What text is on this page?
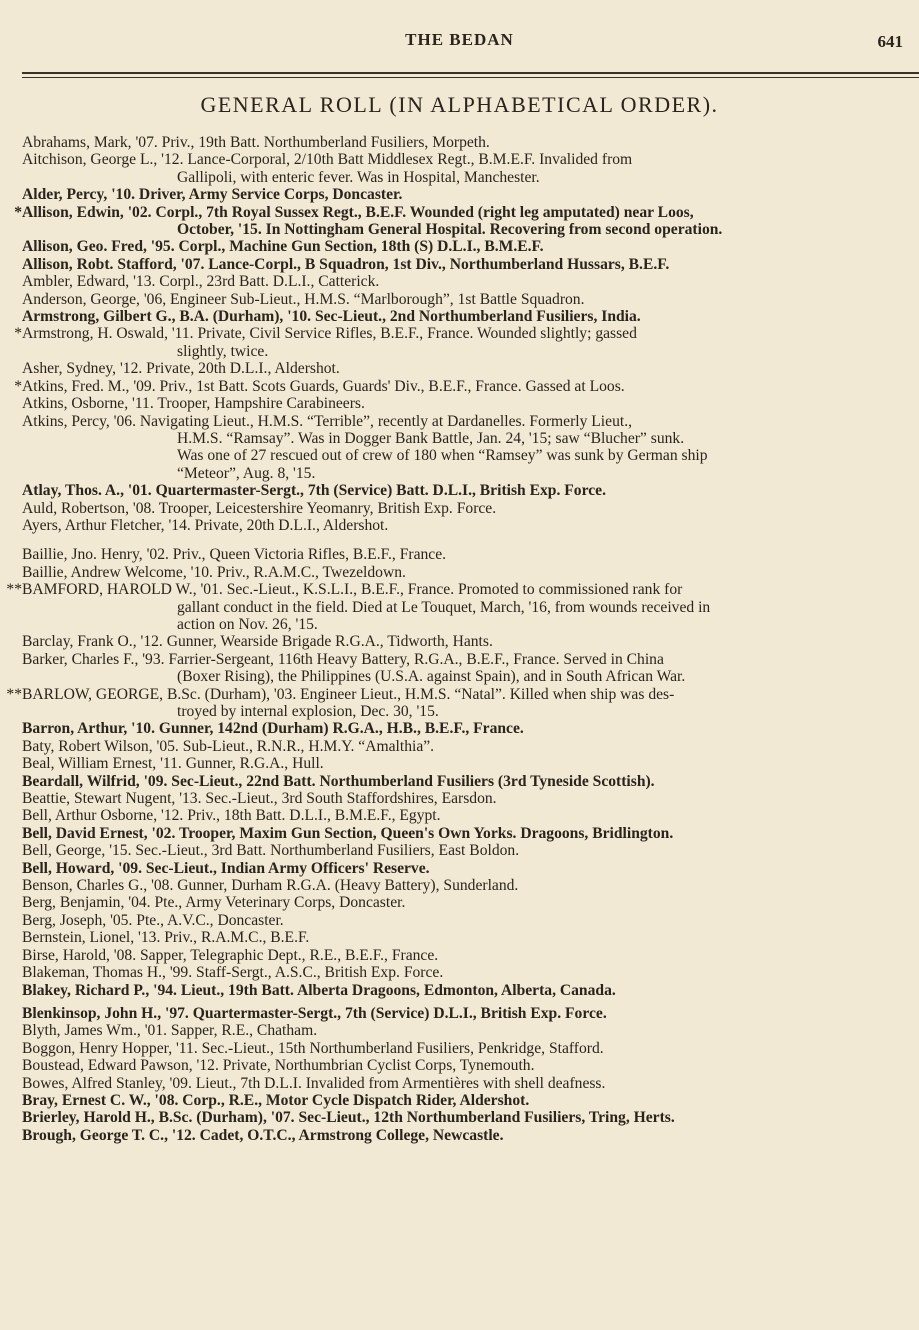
THE BEDAN	641
GENERAL ROLL (IN ALPHABETICAL ORDER).
Abrahams, Mark, '07. Priv., 19th Batt. Northumberland Fusiliers, Morpeth.
Aitchison, George L., '12. Lance-Corporal, 2/10th Batt Middlesex Regt., B.M.E.F. Invalided from
Gallipoli, with enteric fever. Was in Hospital, Manchester.
Alder, Percy, '10. Driver, Army Service Corps, Doncaster.
* Allison, Edwin, '02. Corpl., 7th Royal Sussex Regt., B.E.F. Wounded (right leg amputated) near Loos,
October, '15. In Nottingham General Hospital. Recovering from second operation.
Allison, Geo. Fred, '95. Corpl., Machine Gun Section, 18th (S) D.L.I., B.M.E.F.
Allison, Robt. Stafford, '07. Lance-Corpl., B Squadron, 1st Div., Northumberland Hussars, B.E.F.
Ambler, Edward, '13. Corpl., 23rd Batt. D.L.I., Catterick.
Anderson, George, '06, Engineer Sub-Lieut., H.M.S. “Marlborough”, 1st Battle Squadron.
Armstrong, Gilbert G., B.A. (Durham), '10. Sec-Lieut., 2nd Northumberland Fusiliers, India.
* Armstrong, H. Oswald, '11. Private, Civil Service Rifles, B.E.F., France. Wounded slightly; gassed
slightly, twice.
Asher, Sydney, '12. Private, 20th D.L.I., Aldershot.
* Atkins, Fred. M., '09. Priv., 1st Batt. Scots Guards, Guards' Div., B.E.F., France. Gassed at Loos.
Atkins, Osborne, '11. Trooper, Hampshire Carabineers.
Atkins, Percy, '06. Navigating Lieut., H.M.S. “Terrible”, recently at Dardanelles. Formerly Lieut.,
H.M.S. “Ramsay”. Was in Dogger Bank Battle, Jan. 24, '15; saw “Blucher” sunk.
Was one of 27 rescued out of crew of 180 when “Ramsey” was sunk by German ship
“Meteor”, Aug. 8, '15.
Atlay, Thos. A., '01. Quartermaster-Sergt., 7th (Service) Batt. D.L.I., British Exp. Force.
Auld, Robertson, '08. Trooper, Leicestershire Yeomanry, British Exp. Force.
Ayers, Arthur Fletcher, '14. Private, 20th D.L.I., Aldershot.
Baillie, Jno. Henry, '02. Priv., Queen Victoria Rifles, B.E.F., France.
Baillie, Andrew Welcome, '10. Priv., R.A.M.C., Twezeldown.
** BAMFORD, HAROLD W., '01. Sec.-Lieut., K.S.L.I., B.E.F., France. Promoted to commissioned rank for
gallant conduct in the field. Died at Le Touquet, March, '16, from wounds received in
action on Nov. 26, '15.
Barclay, Frank O., '12. Gunner, Wearside Brigade R.G.A., Tidworth, Hants.
Barker, Charles F., '93. Farrier-Sergeant, 116th Heavy Battery, R.G.A., B.E.F., France. Served in China
(Boxer Rising), the Philippines (U.S.A. against Spain), and in South African War.
** BARLOW, GEORGE, B.Sc. (Durham), '03. Engineer Lieut., H.M.S. “Natal”. Killed when ship was des-
troyed by internal explosion, Dec. 30, '15.
Barron, Arthur, '10. Gunner, 142nd (Durham) R.G.A., H.B., B.E.F., France.
Baty, Robert Wilson, '05. Sub-Lieut., R.N.R., H.M.Y. “Amalthia”.
Beal, William Ernest, '11. Gunner, R.G.A., Hull.
Beardall, Wilfrid, '09. Sec-Lieut., 22nd Batt. Northumberland Fusiliers (3rd Tyneside Scottish).
Beattie, Stewart Nugent, '13. Sec.-Lieut., 3rd South Staffordshires, Earsdon.
Bell, Arthur Osborne, '12. Priv., 18th Batt. D.L.I., B.M.E.F., Egypt.
Bell, David Ernest, '02. Trooper, Maxim Gun Section, Queen's Own Yorks. Dragoons, Bridlington.
Bell, George, '15. Sec.-Lieut., 3rd Batt. Northumberland Fusiliers, East Boldon.
Bell, Howard, '09. Sec-Lieut., Indian Army Officers' Reserve.
Benson, Charles G., '08. Gunner, Durham R.G.A. (Heavy Battery), Sunderland.
Berg, Benjamin, '04. Pte., Army Veterinary Corps, Doncaster.
Berg, Joseph, '05. Pte., A.V.C., Doncaster.
Bernstein, Lionel, '13. Priv., R.A.M.C., B.E.F.
Birse, Harold, '08. Sapper, Telegraphic Dept., R.E., B.E.F., France.
Blakeman, Thomas H., '99. Staff-Sergt., A.S.C., British Exp. Force.
Blakey, Richard P., '94. Lieut., 19th Batt. Alberta Dragoons, Edmonton, Alberta, Canada.
Blenkinsop, John H., '97. Quartermaster-Sergt., 7th (Service) D.L.I., British Exp. Force.
Blyth, James Wm., '01. Sapper, R.E., Chatham.
Boggon, Henry Hopper, '11. Sec.-Lieut., 15th Northumberland Fusiliers, Penkridge, Stafford.
Boustead, Edward Pawson, '12. Private, Northumbrian Cyclist Corps, Tynemouth.
Bowes, Alfred Stanley, '09. Lieut., 7th D.L.I. Invalided from Armentières with shell deafness.
Bray, Ernest C. W., '08. Corp., R.E., Motor Cycle Dispatch Rider, Aldershot.
Brierley, Harold H., B.Sc. (Durham), '07. Sec-Lieut., 12th Northumberland Fusiliers, Tring, Herts.
Brough, George T. C., '12. Cadet, O.T.C., Armstrong College, Newcastle.
